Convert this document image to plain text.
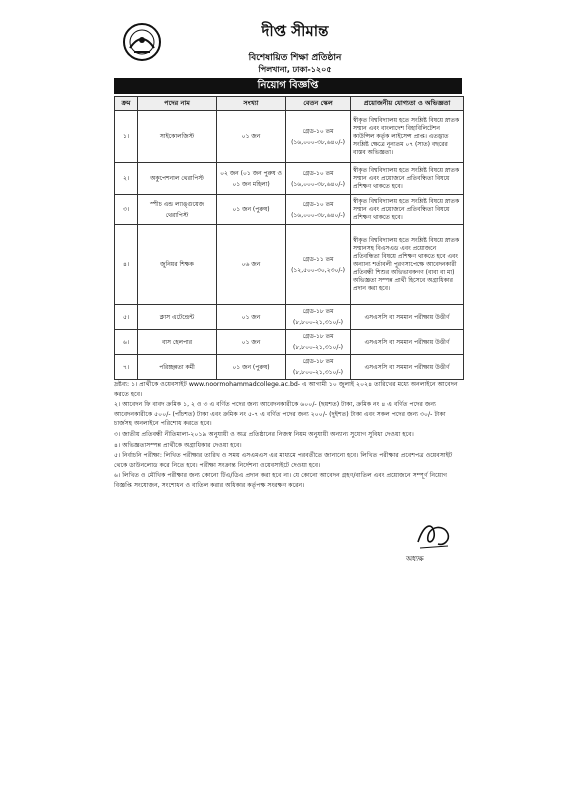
দীপ্ত সীমান্ত
বিশেষায়িত শিক্ষা প্রতিষ্ঠান
পিলখানা, ঢাকা-১২০৫
নিয়োগ বিজ্ঞপ্তি
ক্রম	পদের নাম	সংখ্যা	বেতন স্কেল	প্রয়োজনীয় যোগ্যতা ও অভিজ্ঞতা
১।	সাইকোলজিস্ট	০১ জন	গ্রেড-১০ তম (১৬,০০০-৩৮,৬৪০/-)	স্বীকৃত বিশ্ববিদ্যালয় হতে সংশ্লিষ্ট বিষয়ে স্নাতক সম্মান এবং বাংলাদেশ বিহাবিলিটেশন কাউন্সিল কর্তৃক লাইসেন্স প্রাপ্ত। এতদ্ভাত সংশ্লিষ্ট ক্ষেত্রে নূন্যতম ০৭ (সাত) বছরের বাস্তব অভিজ্ঞতা।
২।	অকুপেশনাল থেরাপিস্ট	০২ জন (০১ জন পুরুষ ও ০১ জন মহিলা)	গ্রেড-১০ তম (১৬,০০০-৩৮,৬৪০/-)	স্বীকৃত বিশ্ববিদ্যালয় হতে সংশ্লিষ্ট বিষয়ে স্নাতক সম্মান এবং প্রয়োজনে প্রতিবন্ধিতা বিষয়ে প্রশিক্ষণ থাকতে হবে।
৩।	স্পীচ এন্ড ল্যাঙ্গুয়েজ থেরাপিস্ট	০১ জন (পুরুষ)	গ্রেড-১০ তম (১৬,০০০-৩৮,৬৪০/-)	স্বীকৃত বিশ্ববিদ্যালয় হতে সংশ্লিষ্ট বিষয়ে স্নাতক সম্মান এবং প্রয়োজনে প্রতিবন্ধিতা বিষয়ে প্রশিক্ষণ থাকতে হবে।
৪।	জুনিয়র শিক্ষক	০৬ জন	গ্রেড-১১ তম (১২,৫০০-৩০,২৩০/-)	স্বীকৃত বিশ্ববিদ্যালয় হতে সংশ্লিষ্ট বিষয়ে স্নাতক সম্মানসহ বিএসএড এবং প্রয়োজনে প্রতিবন্ধিতা বিষয়ে প্রশিক্ষণ থাকতে হবে এবং অন্যান্য শর্তাবলী পুরণসাপেক্ষে আবেদনকারী প্রতিবন্ধী শিশুর অভিভাবকগণ (বাবা বা মা) অভিজ্ঞতা সম্পন্ন প্রার্থী হিসেবে অগ্রাধিকার প্রদান করা হবে।
৫।	ক্লাস এটেন্ডেন্ট	০১ জন	গ্রেড-১৮ তম (৮,৮০০-২১,৩১০/-)	এসএসসি বা সমমান পরীক্ষায় উত্তীর্ণ
৬।	বাস হেলপার	০১ জন	গ্রেড-১৮ তম (৮,৮০০-২১,৩১০/-)	এসএসসি বা সমমান পরীক্ষায় উত্তীর্ণ
৭।	পরিচ্ছন্নতা কর্মী	০১ জন (পুরুষ)	গ্রেড-১৮ তম (৮,৮০০-২১,৩১০/-)	এসএসসি বা সমমান পরীক্ষায় উত্তীর্ণ

দ্রষ্টব্য: ১। প্রার্থীকে ওয়েবসাইট www.noormohammadcollege.ac.bd- এ আগামী ১০ জুলাই ২০২৪ তারিখের মধ্যে অনলাইনে আবেদন করতে হবে।

২। আবেদন ফি বাবদ ক্রমিক ১, ২ ও ৩ এ বর্ণিত পদের জন্য আবেদনকারীকে ৬০০/- (ছয়শত) টাকা, ক্রমিক নং ৪ এ বর্ণিত পদের জন্য আবেদনকারীকে ৫০০/- (পাঁচশত) টাকা এবং ক্রমিক নং ৫-৭ এ বর্ণিত পদের জন্য ২০০/- (দুইশত) টাকা এবং সকল পদের জন্য ৩০/- টাকা চার্জসহ অনলাইনে পরিশোধ করতে হবে।

৩। জাতীয় প্রতিবন্ধী নীতিমালা-২০১৯ অনুযায়ী ও অত্র প্রতিষ্ঠানের নিজস্ব নিয়ম অনুযায়ী অন্যান্য সুযোগ সুবিধা দেওয়া হবে।

৪। অভিজ্ঞতাসম্পন্ন প্রার্থীকে অগ্রাধিকার দেওয়া হবে।

৫। নির্বাচনি পরীক্ষা: লিখিত পরীক্ষার তারিখ ও সময় এসএমএস এর মাধ্যমে পরবর্তীতে জানানো হবে। লিখিত পরীক্ষার প্রবেশপত্র ওয়েবসাইট থেকে ডাউনলোড করে নিতে হবে। পরীক্ষা সংক্রান্ত নির্দেশনা ওয়েবসাইটে দেওয়া হবে।

৬। লিখিত ও মৌখিক পরীক্ষার জন্য কোনো টিএ/ডিএ প্রদান করা হবে না। যে কোনো আবেদন গ্রহণ/বাতিল এবং প্রয়োজনে সম্পূর্ণ নিয়োগ বিজ্ঞপ্তি সংযোজন, সংশোধন ও বাতিল করার অধিকার কর্তৃপক্ষ সংরক্ষণ করেন।

অধ্যক্ষ
